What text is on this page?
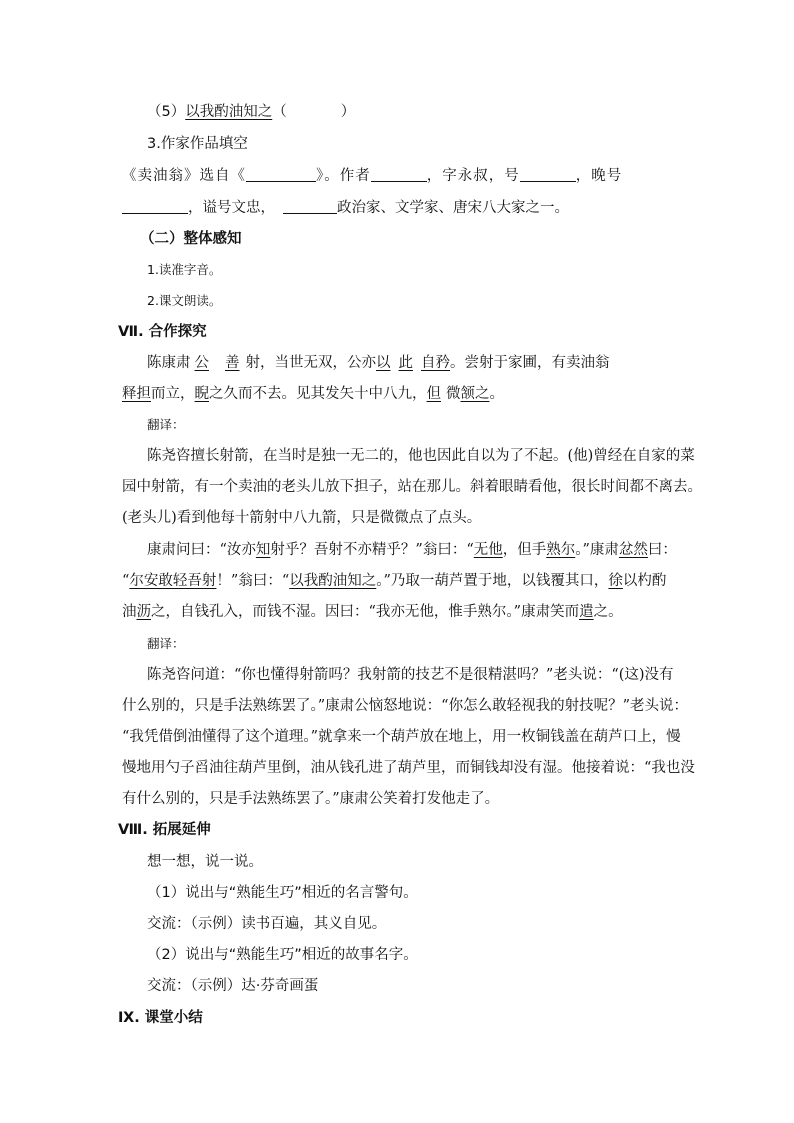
（5）以我酌油知之（	）
3.作家作品填空
《卖油翁》选自《	》。作者	，字永叔，号	，晚号
，谥号文忠，	政治家、文学家、唐宋八大家之一。
（二）整体感知
1.读准字音。
2.课文朗读。
Ⅶ. 合作探究
陈康肃 公 善 射，当世无双，公亦以 此 自矜。尝射于家圃，有卖油翁
释担而立，睨之久而不去。见其发矢十中八九，但 微颔之。
翻译：
陈尧咨擅长射箭，在当时是独一无二的，他也因此自以为了不起。(他)曾经在自家的菜
园中射箭，有一个卖油的老头儿放下担子，站在那儿。斜着眼睛看他，很长时间都不离去。
(老头儿)看到他每十箭射中八九箭，只是微微点了点头。
康肃问曰：“汝亦知射乎？吾射不亦精乎？”翁曰：“无他，但手熟尔。”康肃忿然曰：
“尔安敢轻吾射！”翁曰：“以我酌油知之。”乃取一葫芦置于地，以钱覆其口，徐以杓酌
油沥之，自钱孔入，而钱不湿。因曰：“我亦无他，惟手熟尔。”康肃笑而遣之。
翻译：
陈尧咨问道：“你也懂得射箭吗？我射箭的技艺不是很精湛吗？”老头说：“(这)没有
什么别的，只是手法熟练罢了。”康肃公恼怒地说：“你怎么敢轻视我的射技呢？”老头说：
“我凭借倒油懂得了这个道理。”就拿来一个葫芦放在地上，用一枚铜钱盖在葫芦口上，慢
慢地用勺子舀油往葫芦里倒，油从钱孔进了葫芦里，而铜钱却没有湿。他接着说：“我也没
有什么别的，只是手法熟练罢了。”康肃公笑着打发他走了。
Ⅷ. 拓展延伸
想一想，说一说。
（1）说出与“熟能生巧”相近的名言警句。
交流：（示例）读书百遍，其义自见。
（2）说出与“熟能生巧”相近的故事名字。
交流：（示例）达·芬奇画蛋
Ⅸ. 课堂小结
